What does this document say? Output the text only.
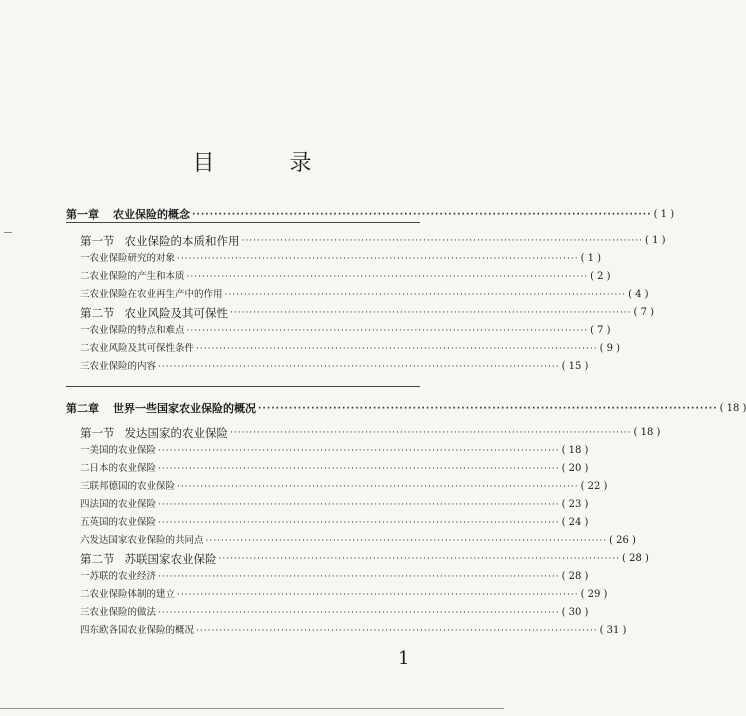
目 录
第一章 农业保险的概念 ········································································································ ( 1 )
第一节 农业保险的本质和作用 ········································································································ ( 1 )
一 农业保险研究的对象 ········································································································ ( 1 )
二 农业保险的产生和本质 ········································································································ ( 2 )
三 农业保险在农业再生产中的作用 ········································································································ ( 4 )
第二节 农业风险及其可保性 ········································································································ ( 7 )
一 农业保险的特点和难点 ········································································································ ( 7 )
二 农业风险及其可保性条件 ········································································································ ( 9 )
三 农业保险的内容 ········································································································ ( 15 )
第二章 世界一些国家农业保险的概况 ········································································································ ( 18 )
第一节 发达国家的农业保险 ········································································································ ( 18 )
一 美国的农业保险 ········································································································ ( 18 )
二 日本的农业保险 ········································································································ ( 20 )
三 联邦德国的农业保险 ········································································································ ( 22 )
四 法国的农业保险 ········································································································ ( 23 )
五 英国的农业保险 ········································································································ ( 24 )
六 发达国家农业保险的共同点 ········································································································ ( 26 )
第二节 苏联国家农业保险 ········································································································ ( 28 )
一 苏联的农业经济 ········································································································ ( 28 )
二 农业保险体制的建立 ········································································································ ( 29 )
三 农业保险的做法 ········································································································ ( 30 )
四 东欧各国农业保险的概况 ········································································································ ( 31 )
1
